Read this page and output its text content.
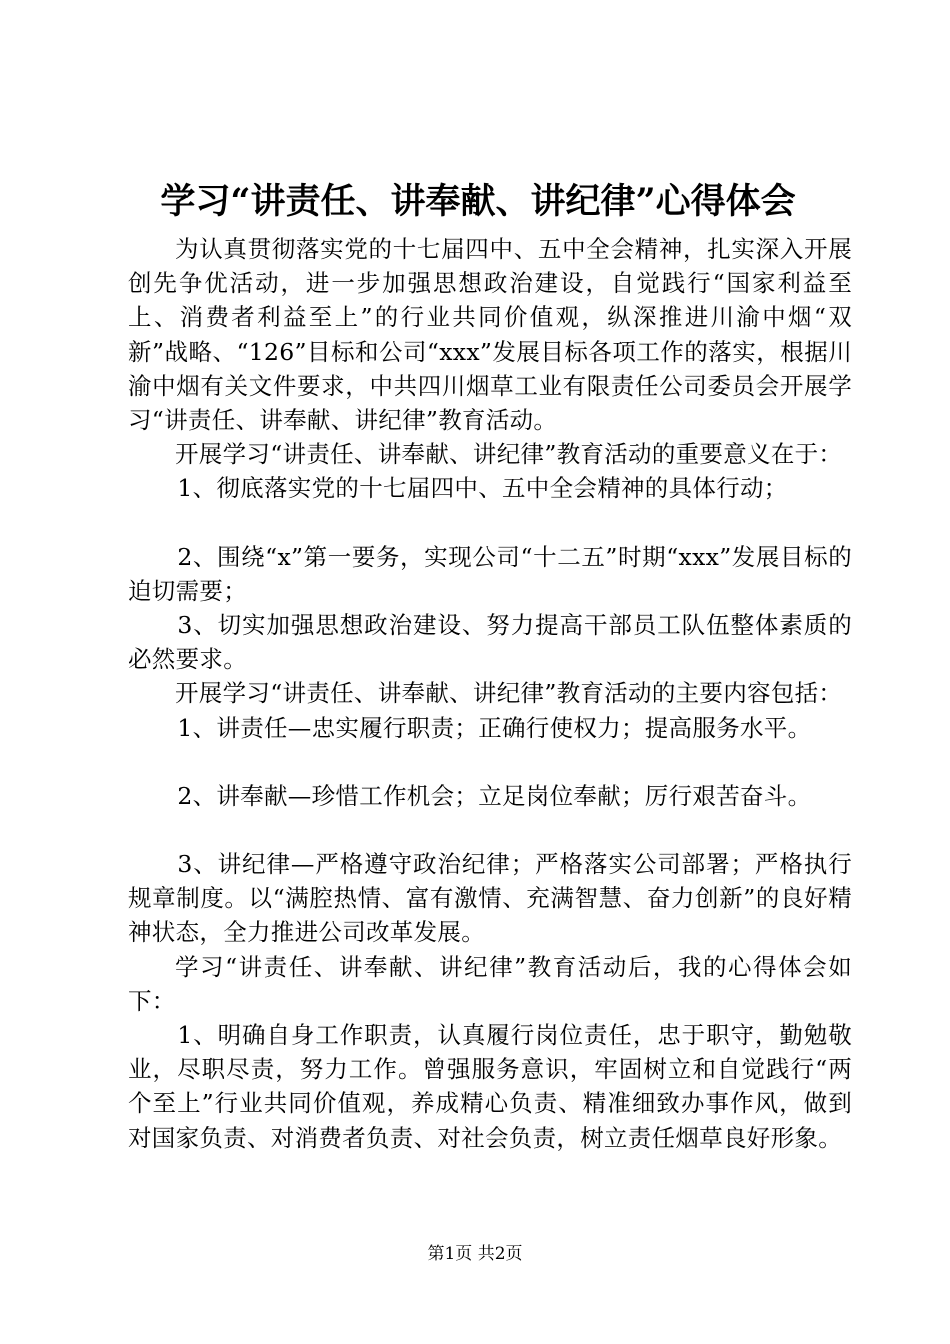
学习“讲责任、讲奉献、讲纪律”心得体会

为认真贯彻落实党的十七届四中、五中全会精神，扎实深入开展创先争优活动，进一步加强思想政治建设，自觉践行“国家利益至上、消费者利益至上”的行业共同价值观，纵深推进川渝中烟“双新”战略、“126”目标和公司“xxx”发展目标各项工作的落实，根据川渝中烟有关文件要求，中共四川烟草工业有限责任公司委员会开展学习“讲责任、讲奉献、讲纪律”教育活动。

开展学习“讲责任、讲奉献、讲纪律”教育活动的重要意义在于：

1、彻底落实党的十七届四中、五中全会精神的具体行动；

2、围绕“x”第一要务，实现公司“十二五”时期“xxx”发展目标的迫切需要；

3、切实加强思想政治建设、努力提高干部员工队伍整体素质的必然要求。

开展学习“讲责任、讲奉献、讲纪律”教育活动的主要内容包括：

1、讲责任—忠实履行职责；正确行使权力；提高服务水平。

2、讲奉献—珍惜工作机会；立足岗位奉献；厉行艰苦奋斗。

3、讲纪律—严格遵守政治纪律；严格落实公司部署；严格执行规章制度。以“满腔热情、富有激情、充满智慧、奋力创新”的良好精神状态，全力推进公司改革发展。

学习“讲责任、讲奉献、讲纪律”教育活动后，我的心得体会如下：

1、明确自身工作职责，认真履行岗位责任，忠于职守，勤勉敬业，尽职尽责，努力工作。曾强服务意识，牢固树立和自觉践行“两个至上”行业共同价值观，养成精心负责、精准细致办事作风，做到对国家负责、对消费者负责、对社会负责，树立责任烟草良好形象。

第1页 共2页
